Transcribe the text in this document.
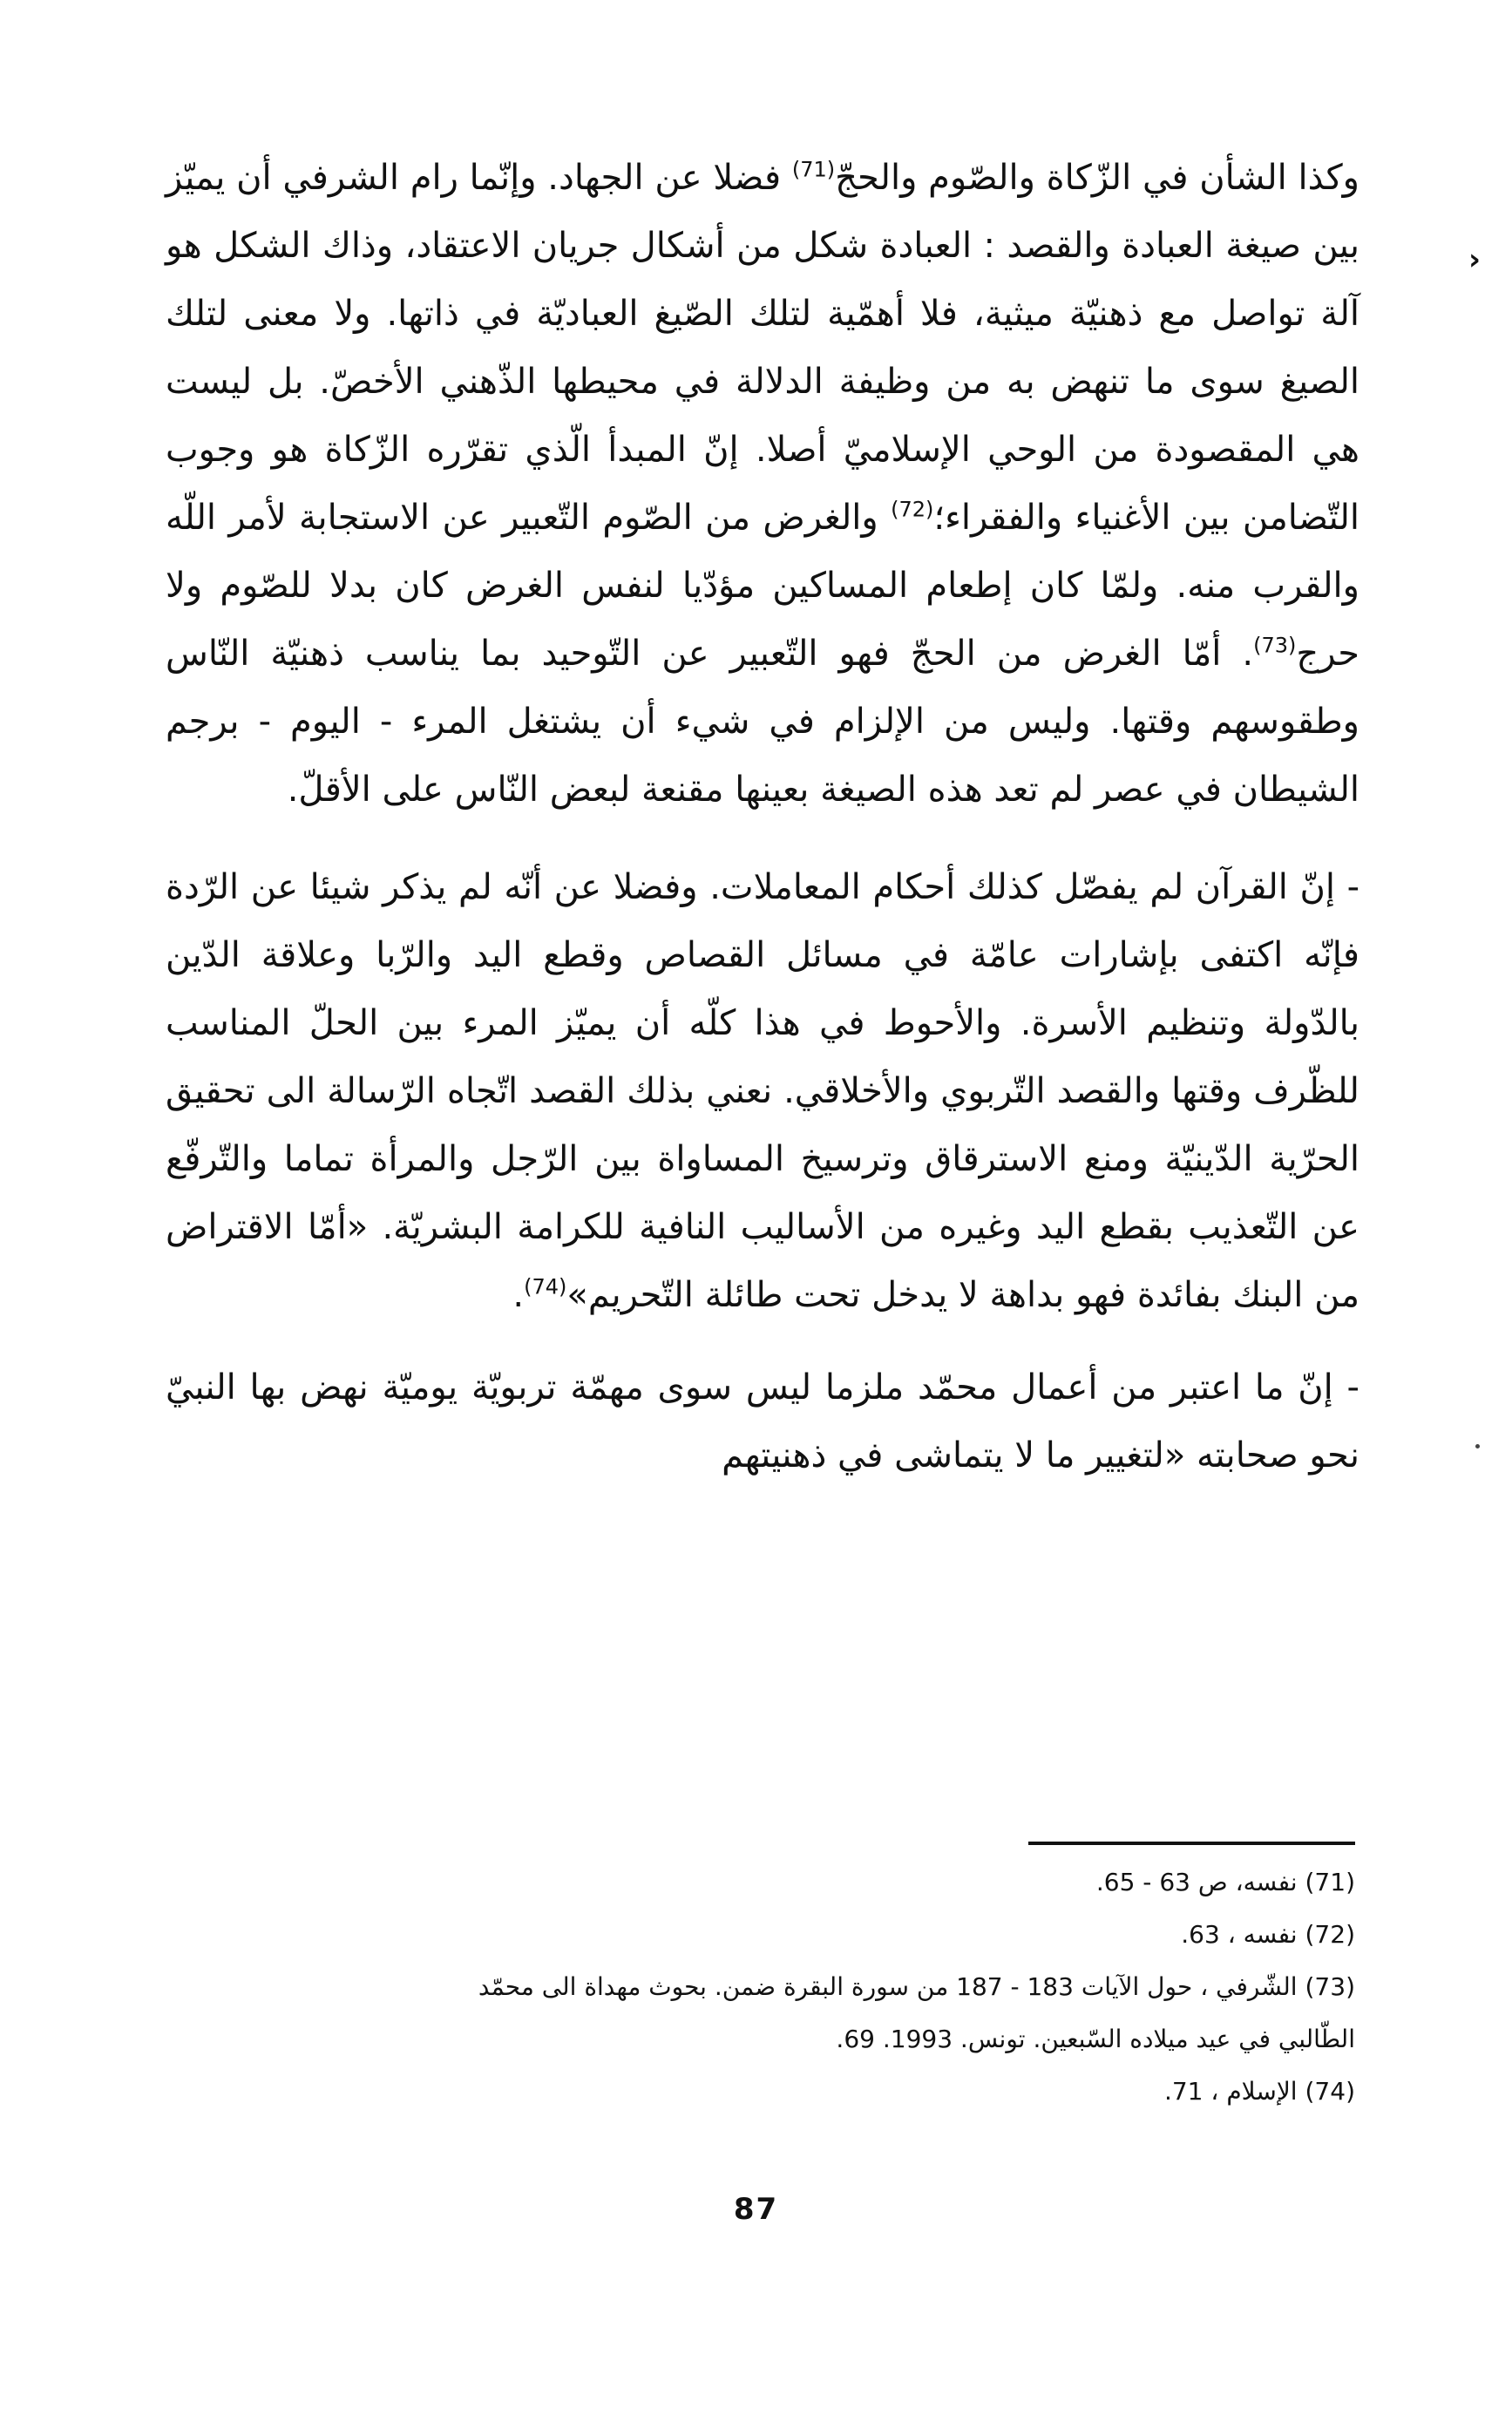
›

وكذا الشأن في الزّكاة والصّوم والحجّ$^{(71)}$ فضلا عن الجهاد. وإنّما رام الشرفي أن يميّز بين صيغة العبادة والقصد : العبادة شكل من أشكال جريان الاعتقاد، وذاك الشكل هو آلة تواصل مع ذهنيّة ميثية، فلا أهمّية لتلك الصّيغ العباديّة في ذاتها. ولا معنى لتلك الصيغ سوى ما تنهض به من وظيفة الدلالة في محيطها الذّهني الأخصّ. بل ليست هي المقصودة من الوحي الإسلاميّ أصلا. إنّ المبدأ الّذي تقرّره الزّكاة هو وجوب التّضامن بين الأغنياء والفقراء؛$^{(72)}$ والغرض من الصّوم التّعبير عن الاستجابة لأمر اللّه والقرب منه. ولمّا كان إطعام المساكين مؤدّيا لنفس الغرض كان بدلا للصّوم ولا حرج$^{(73)}$. أمّا الغرض من الحجّ فهو التّعبير عن التّوحيد بما يناسب ذهنيّة النّاس وطقوسهم وقتها. وليس من الإلزام في شيء أن يشتغل المرء - اليوم - برجم الشيطان في عصر لم تعد هذه الصيغة بعينها مقنعة لبعض النّاس على الأقلّ.

- إنّ القرآن لم يفصّل كذلك أحكام المعاملات. وفضلا عن أنّه لم يذكر شيئا عن الرّدة فإنّه اكتفى بإشارات عامّة في مسائل القصاص وقطع اليد والرّبا وعلاقة الدّين بالدّولة وتنظيم الأسرة. والأحوط في هذا كلّه أن يميّز المرء بين الحلّ المناسب للظّرف وقتها والقصد التّربوي والأخلاقي. نعني بذلك القصد اتّجاه الرّسالة الى تحقيق الحرّية الدّينيّة ومنع الاسترقاق وترسيخ المساواة بين الرّجل والمرأة تماما والتّرفّع عن التّعذيب بقطع اليد وغيره من الأساليب النافية للكرامة البشريّة. «أمّا الاقتراض من البنك بفائدة فهو بداهة لا يدخل تحت طائلة التّحريم»$^{(74)}$.

- إنّ ما اعتبر من أعمال محمّد ملزما ليس سوى مهمّة تربويّة يوميّة نهض بها النبيّ نحو صحابته «لتغيير ما لا يتماشى في ذهنيتهم

(71) نفسه، ص 63 - 65.
(72) نفسه ، 63.
(73) الشّرفي ، حول الآيات 183 - 187 من سورة البقرة ضمن. بحوث مهداة الى محمّد
الطّالبي في عيد ميلاده السّبعين. تونس. 1993. 69.
(74) الإسلام ، 71.
87
